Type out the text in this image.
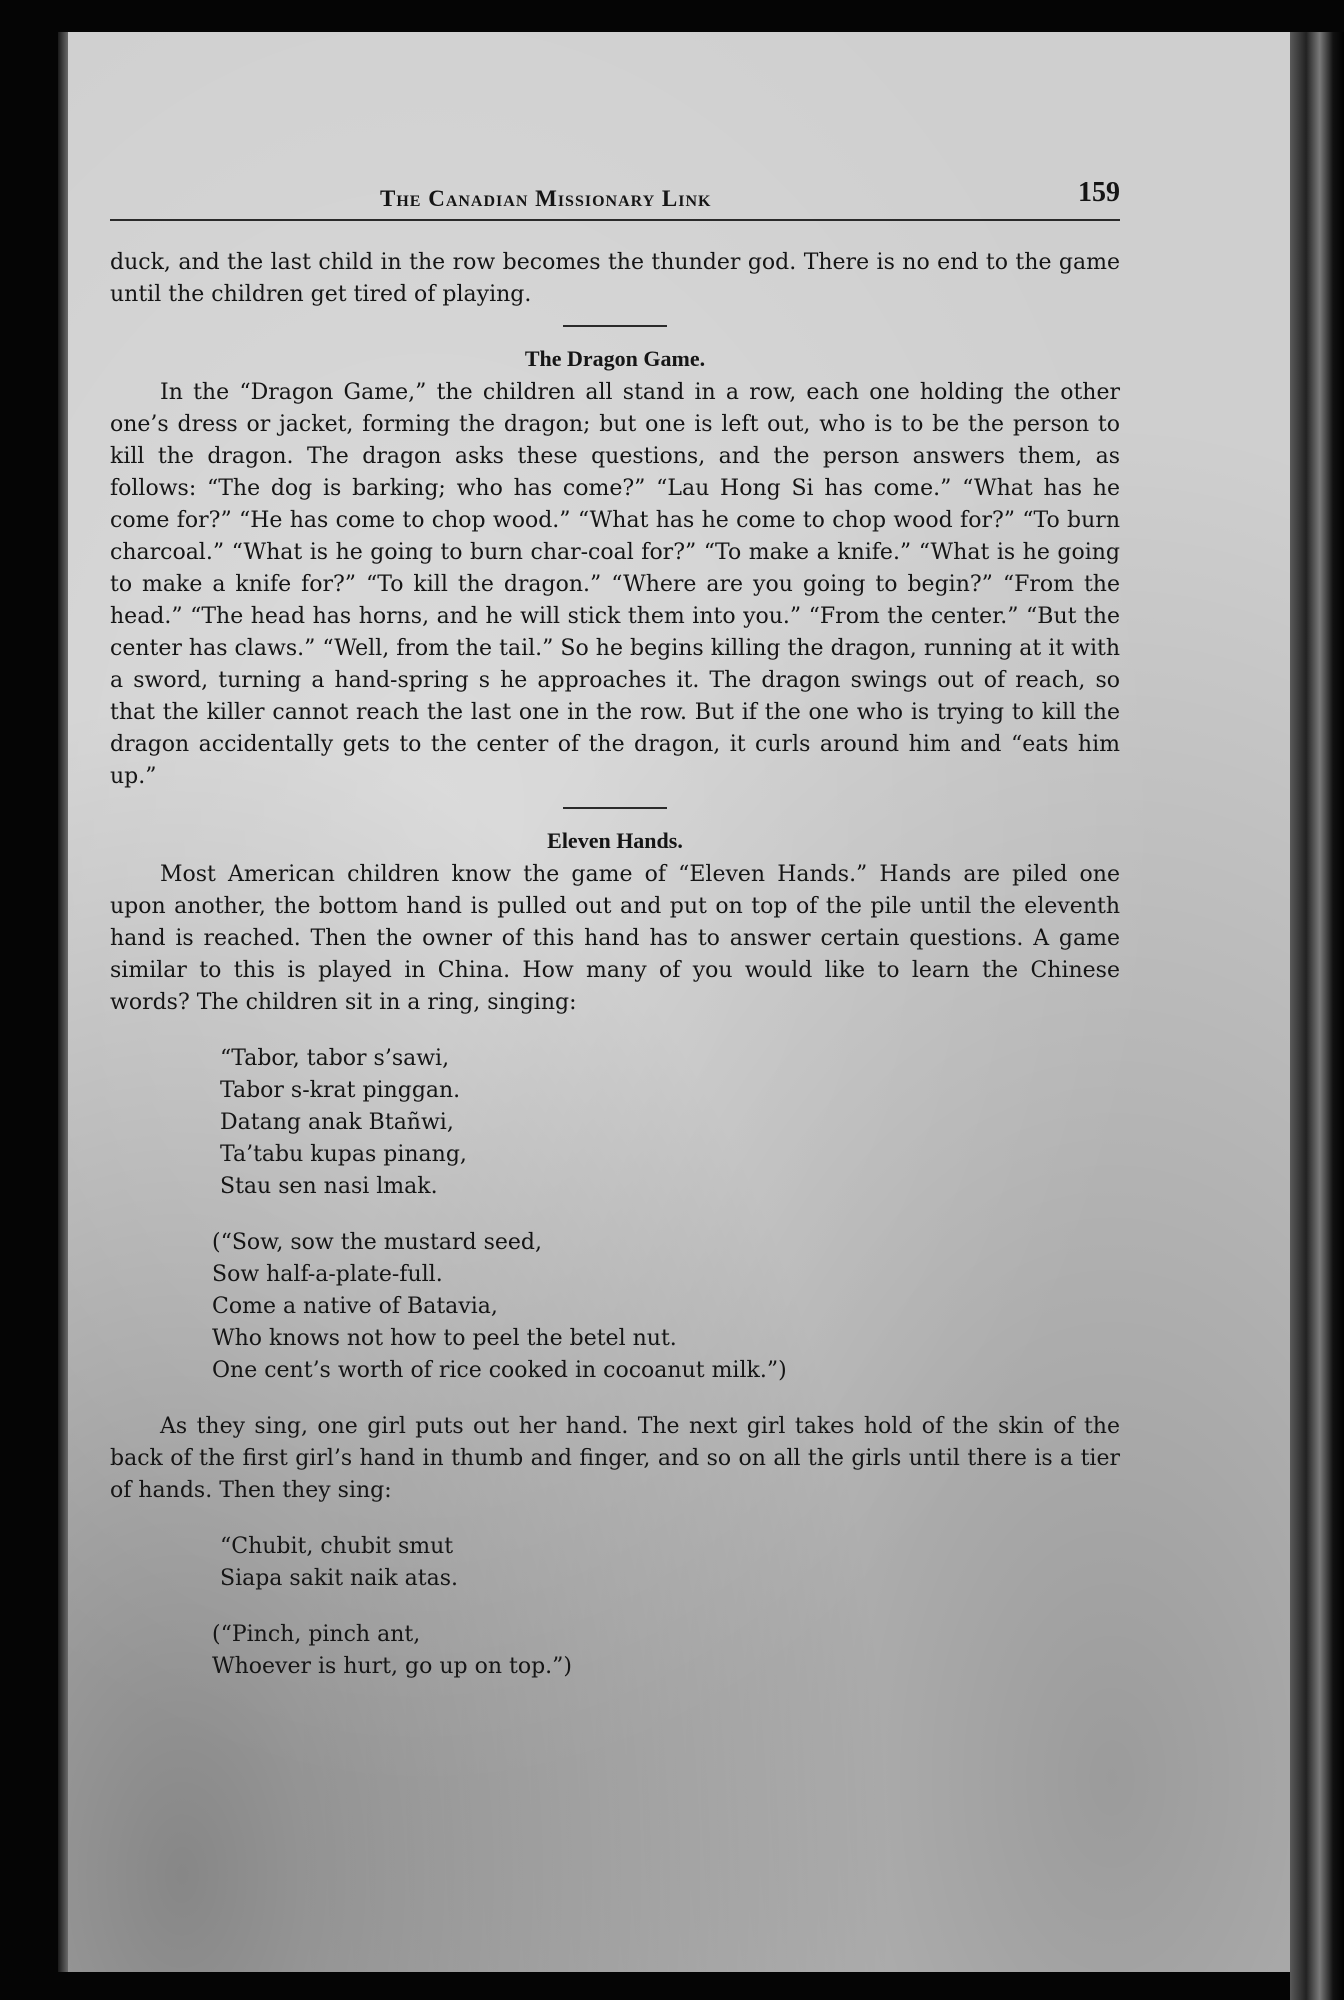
The Canadian Missionary Link	159

duck, and the last child in the row becomes the thunder god. There is no end to the game until the children get tired of playing.

The Dragon Game.

In the “Dragon Game,” the children all stand in a row, each one holding the other one’s dress or jacket, forming the dragon; but one is left out, who is to be the person to kill the dragon. The dragon asks these questions, and the person answers them, as follows: “The dog is barking; who has come?” “Lau Hong Si has come.” “What has he come for?” “He has come to chop wood.” “What has he come to chop wood for?” “To burn charcoal.” “What is he going to burn char-coal for?” “To make a knife.” “What is he going to make a knife for?” “To kill the dragon.” “Where are you going to begin?” “From the head.” “The head has horns, and he will stick them into you.” “From the center.” “But the center has claws.” “Well, from the tail.” So he begins killing the dragon, running at it with a sword, turning a hand-spring s he approaches it. The dragon swings out of reach, so that the killer cannot reach the last one in the row. But if the one who is trying to kill the dragon accidentally gets to the center of the dragon, it curls around him and “eats him up.”

Eleven Hands.

Most American children know the game of “Eleven Hands.” Hands are piled one upon another, the bottom hand is pulled out and put on top of the pile until the eleventh hand is reached. Then the owner of this hand has to answer certain questions. A game similar to this is played in China. How many of you would like to learn the Chinese words? The children sit in a ring, singing:

“Tabor, tabor s’sawi,
Tabor s-krat pinggan.
Datang anak Btañwi,
Ta’tabu kupas pinang,
Stau sen nasi lmak.
(“Sow, sow the mustard seed,
Sow half-a-plate-full.
Come a native of Batavia,
Who knows not how to peel the betel nut.
One cent’s worth of rice cooked in cocoanut milk.”)

As they sing, one girl puts out her hand. The next girl takes hold of the skin of the back of the first girl’s hand in thumb and finger, and so on all the girls until there is a tier of hands. Then they sing:

“Chubit, chubit smut
Siapa sakit naik atas.
(“Pinch, pinch ant,
Whoever is hurt, go up on top.”)
